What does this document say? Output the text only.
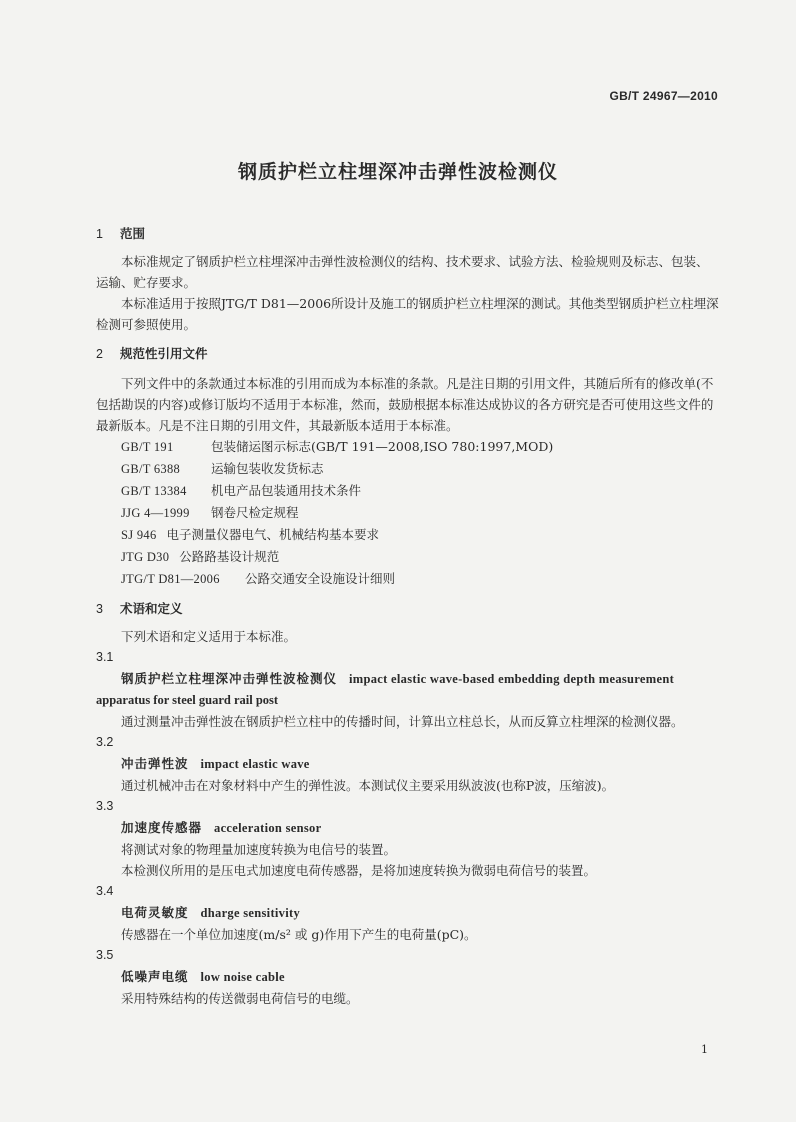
GB/T 24967—2010
钢质护栏立柱埋深冲击弹性波检测仪
1 范围

本标准规定了钢质护栏立柱埋深冲击弹性波检测仪的结构、技术要求、试验方法、检验规则及标志、包装、运输、贮存要求。

本标准适用于按照JTG/T D81—2006所设计及施工的钢质护栏立柱埋深的测试。其他类型钢质护栏立柱埋深检测可参照使用。

2 规范性引用文件

下列文件中的条款通过本标准的引用而成为本标准的条款。凡是注日期的引用文件，其随后所有的修改单(不包括勘误的内容)或修订版均不适用于本标准，然而，鼓励根据本标准达成协议的各方研究是否可使用这些文件的最新版本。凡是不注日期的引用文件，其最新版本适用于本标准。

GB/T 191	包装储运图示标志(GB/T 191—2008,ISO 780:1997,MOD)
GB/T 6388 运输包装收发货标志
GB/T 13384 机电产品包装通用技术条件
JJG 4—1999 钢卷尺检定规程
SJ 946 电子测量仪器电气、机械结构基本要求
JTG D30 公路路基设计规范
JTG/T D81—2006 公路交通安全设施设计细则
3 术语和定义

下列术语和定义适用于本标准。

3.1
钢质护栏立柱埋深冲击弹性波检测仪 impact elastic wave-based embedding depth measurement
apparatus for steel guard rail post

通过测量冲击弹性波在钢质护栏立柱中的传播时间，计算出立柱总长，从而反算立柱埋深的检测仪器。

3.2
冲击弹性波 impact elastic wave

通过机械冲击在对象材料中产生的弹性波。本测试仪主要采用纵波波(也称P波，压缩波)。

3.3
加速度传感器 acceleration sensor

将测试对象的物理量加速度转换为电信号的装置。

本检测仪所用的是压电式加速度电荷传感器，是将加速度转换为微弱电荷信号的装置。

3.4
电荷灵敏度 dharge sensitivity

传感器在一个单位加速度(m/s² 或 g)作用下产生的电荷量(pC)。

3.5
低噪声电缆 low noise cable

采用特殊结构的传送微弱电荷信号的电缆。

1
